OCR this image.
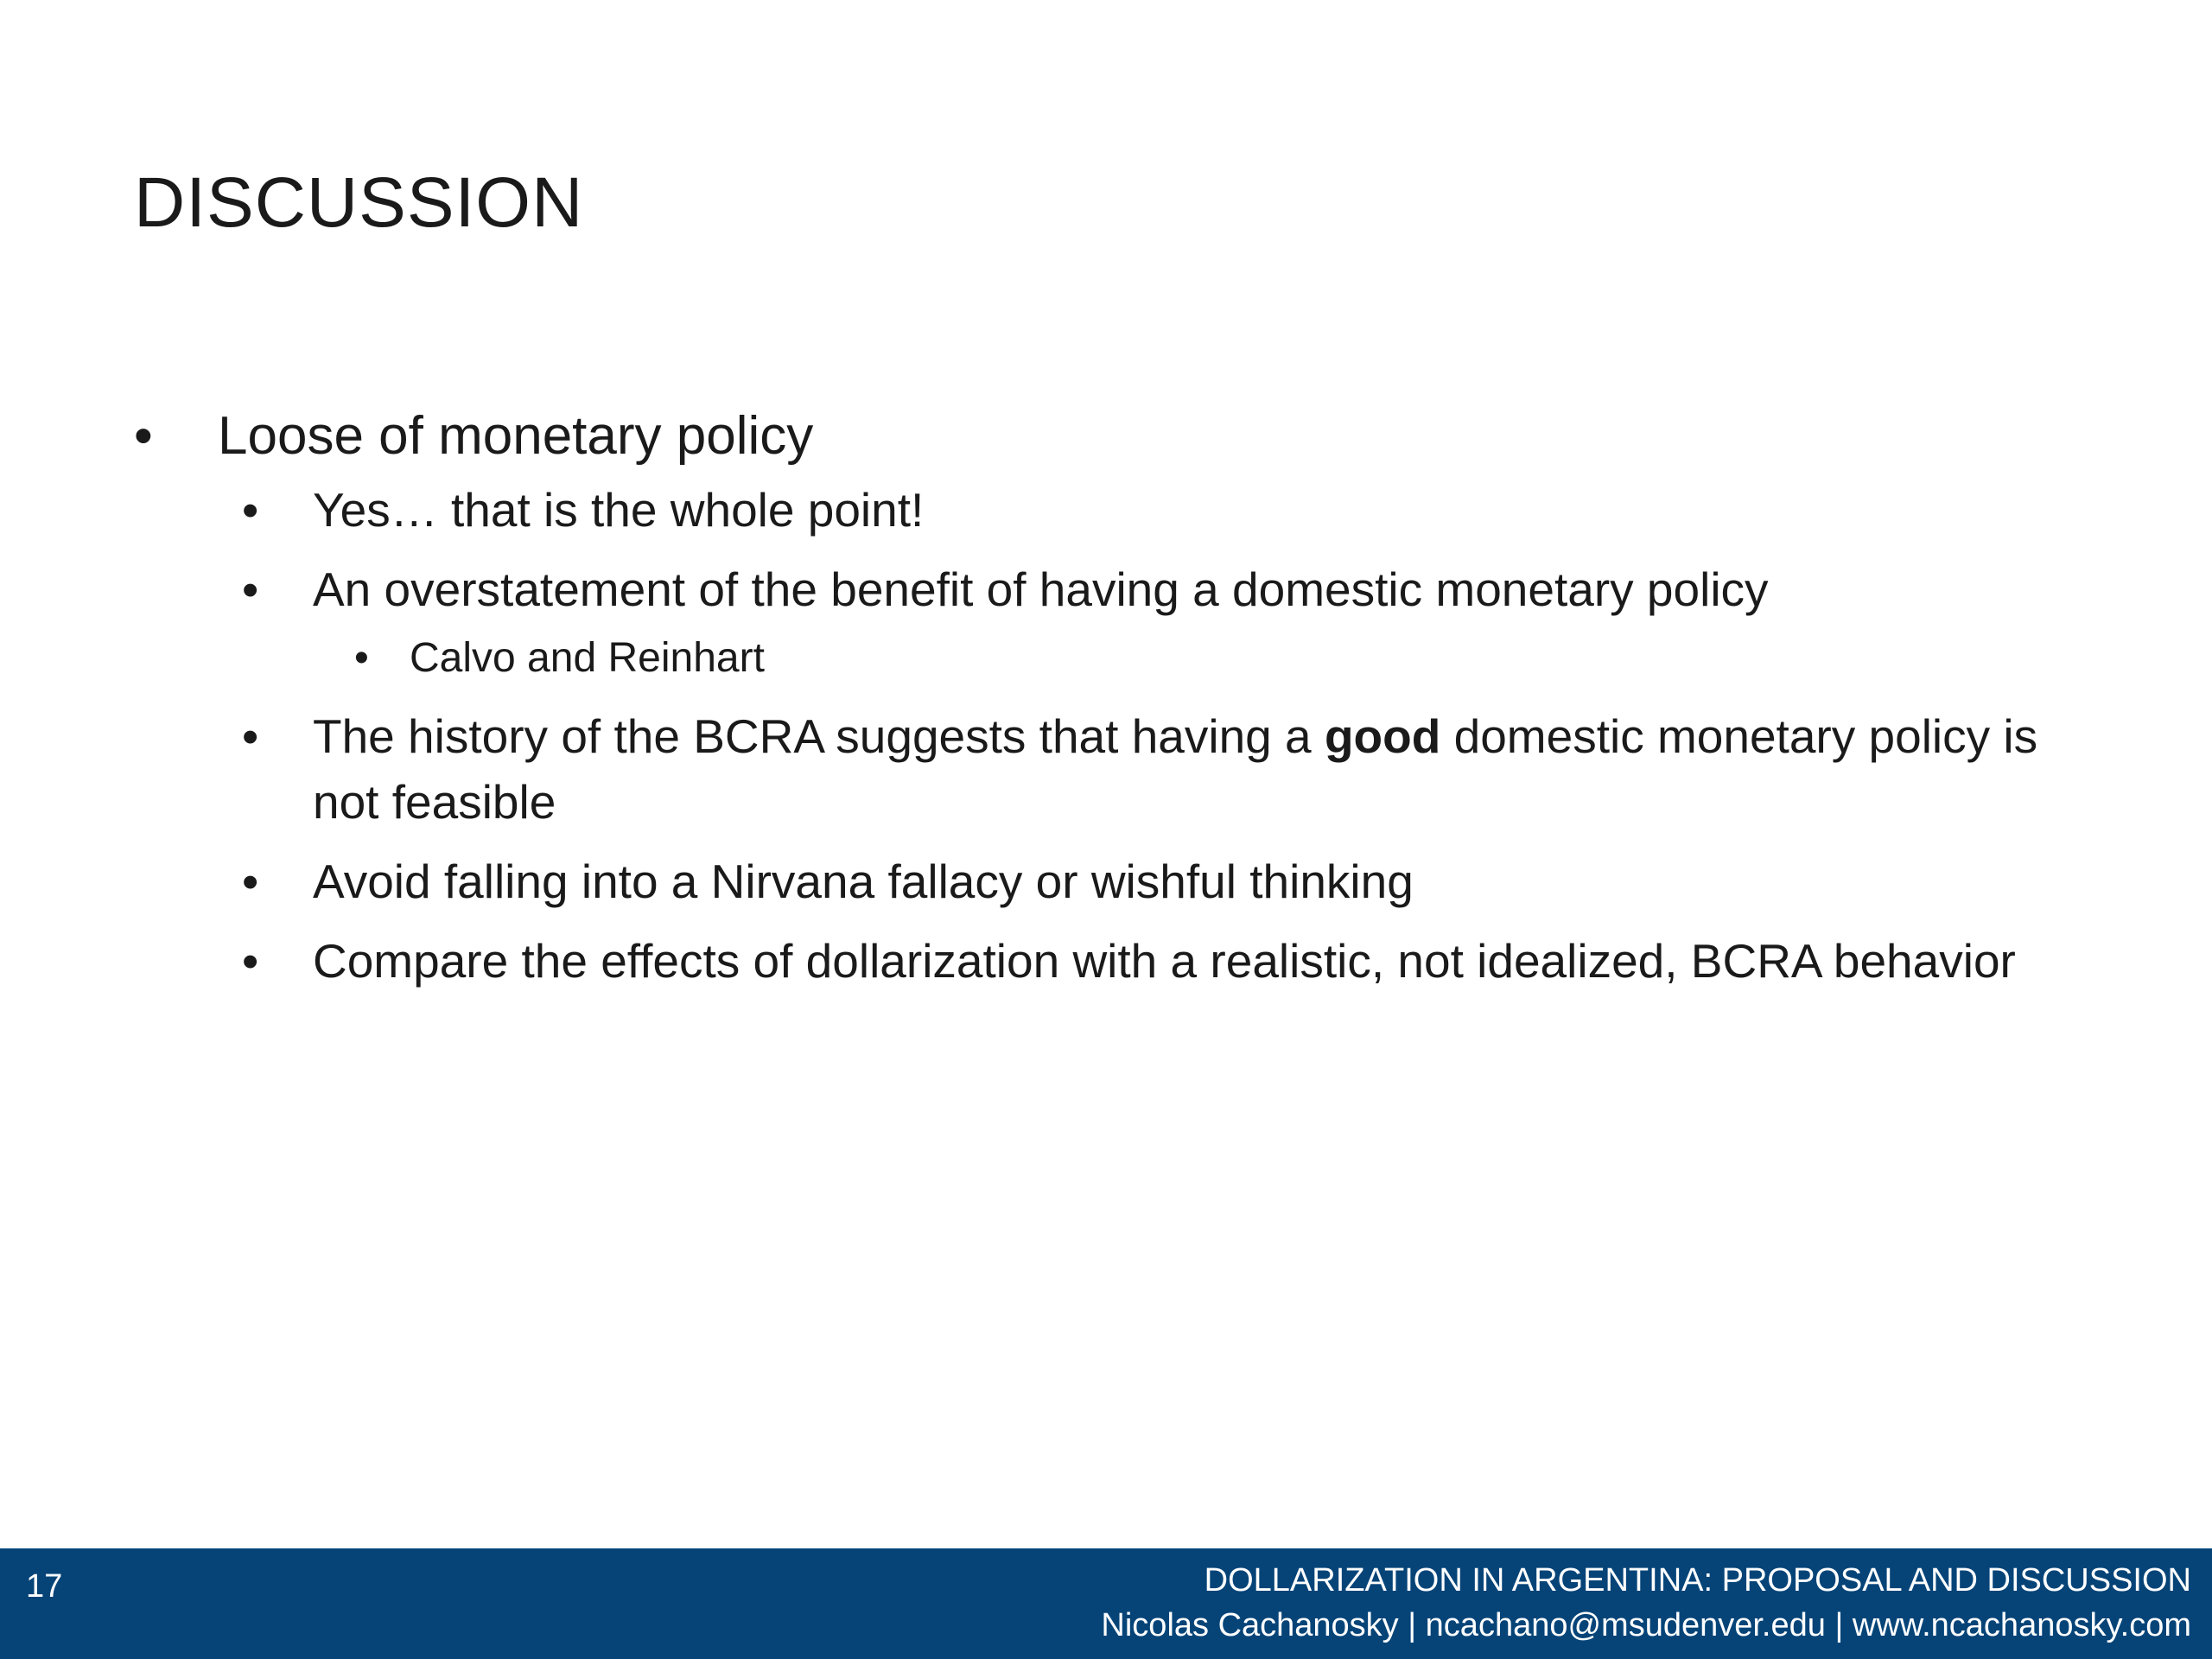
DISCUSSION

• Loose of monetary policy

• Yes… that is the whole point!

• An overstatement of the benefit of having a domestic monetary policy

• Calvo and Reinhart

• The history of the BCRA suggests that having a good domestic monetary policy is not feasible

• Avoid falling into a Nirvana fallacy or wishful thinking

• Compare the effects of dollarization with a realistic, not idealized, BCRA behavior

17	DOLLARIZATION IN ARGENTINA: PROPOSAL AND DISCUSSION
Nicolas Cachanosky | ncachano@msudenver.edu | www.ncachanosky.com
